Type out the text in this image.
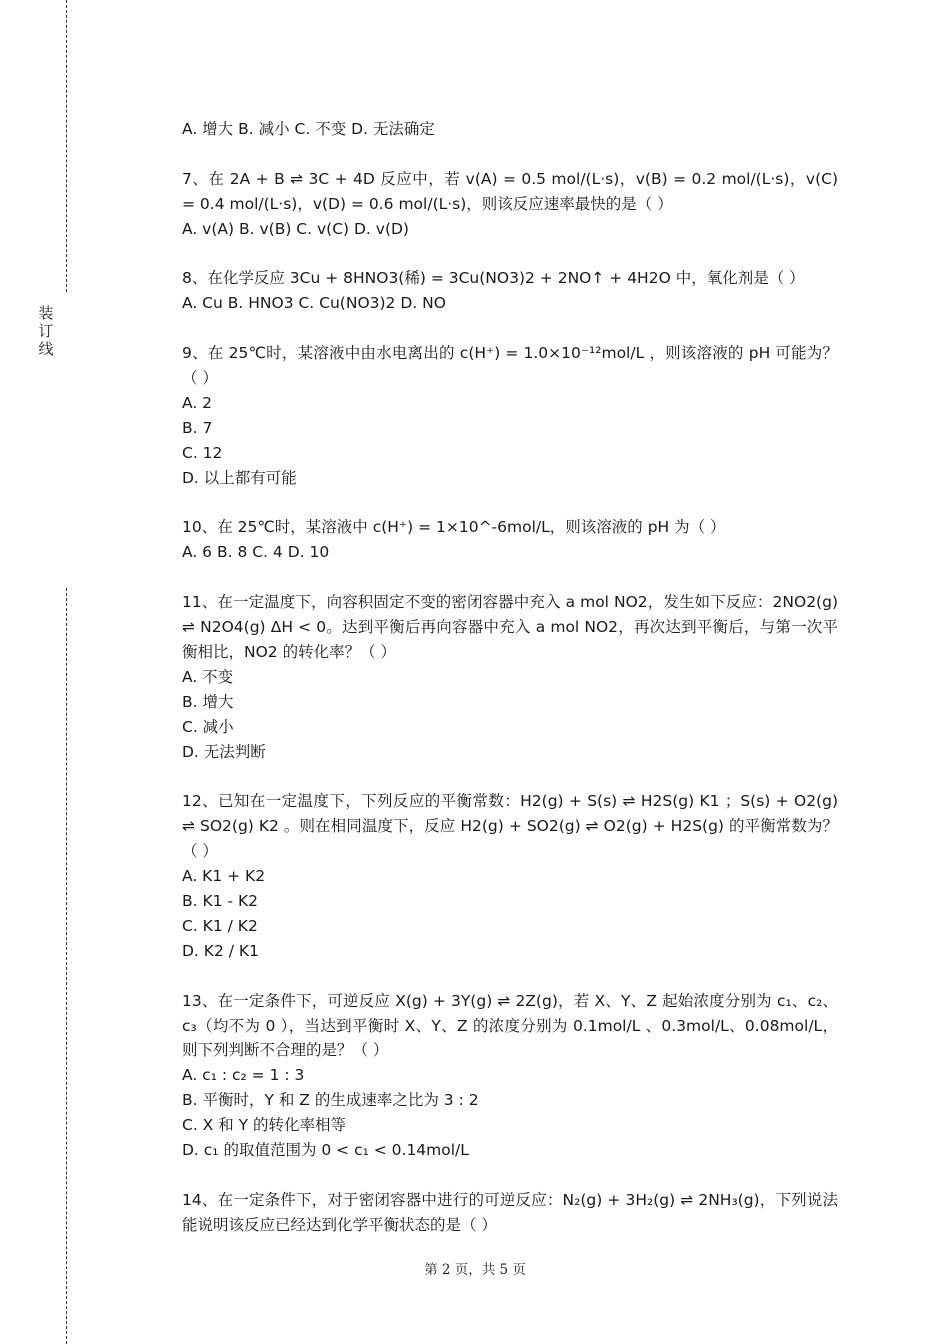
装
订
线

A. 增大 B. 减小 C. 不变 D. 无法确定

7、在 2A + B ⇌ 3C + 4D 反应中，若 v(A) = 0.5 mol/(L·s)，v(B) = 0.2 mol/(L·s)，v(C) = 0.4 mol/(L·s)，v(D) = 0.6 mol/(L·s)，则该反应速率最快的是（ ）

A. v(A) B. v(B) C. v(C) D. v(D)

8、在化学反应 3Cu + 8HNO3(稀) = 3Cu(NO3)2 + 2NO↑ + 4H2O 中，氧化剂是（ ）

A. Cu B. HNO3 C. Cu(NO3)2 D. NO

9、在 25℃时，某溶液中由水电离出的 c(H⁺) = 1.0×10⁻¹²mol/L ，则该溶液的 pH 可能为？（ ）

A. 2

B. 7

C. 12

D. 以上都有可能

10、在 25℃时，某溶液中 c(H⁺) = 1×10^-6mol/L，则该溶液的 pH 为（ ）

A. 6 B. 8 C. 4 D. 10

11、在一定温度下，向容积固定不变的密闭容器中充入 a mol NO2，发生如下反应：2NO2(g) ⇌ N2O4(g) ΔH < 0。达到平衡后再向容器中充入 a mol NO2，再次达到平衡后，与第一次平衡相比，NO2 的转化率？（ ）

A. 不变

B. 增大

C. 减小

D. 无法判断

12、已知在一定温度下，下列反应的平衡常数：H2(g) + S(s) ⇌ H2S(g) K1 ；S(s) + O2(g) ⇌ SO2(g) K2 。则在相同温度下，反应 H2(g) + SO2(g) ⇌ O2(g) + H2S(g) 的平衡常数为？（ ）

A. K1 + K2

B. K1 - K2

C. K1 / K2

D. K2 / K1

13、在一定条件下，可逆反应 X(g) + 3Y(g) ⇌ 2Z(g)，若 X、Y、Z 起始浓度分别为 c₁、c₂、c₃（均不为 0 ），当达到平衡时 X、Y、Z 的浓度分别为 0.1mol/L 、0.3mol/L、0.08mol/L，则下列判断不合理的是？（ ）

A. c₁ : c₂ = 1 : 3

B. 平衡时，Y 和 Z 的生成速率之比为 3 : 2

C. X 和 Y 的转化率相等

D. c₁ 的取值范围为 0 < c₁ < 0.14mol/L

14、在一定条件下，对于密闭容器中进行的可逆反应：N₂(g) + 3H₂(g) ⇌ 2NH₃(g)，下列说法能说明该反应已经达到化学平衡状态的是（ ）

第 2 页，共 5 页
